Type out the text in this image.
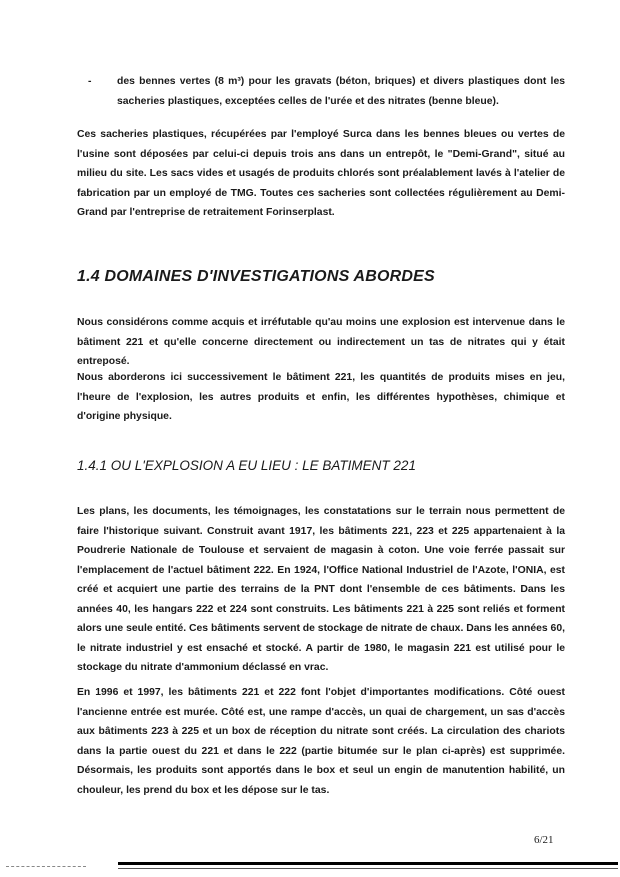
- des bennes vertes (8 m³) pour les gravats (béton, briques) et divers plastiques dont les sacheries plastiques, exceptées celles de l'urée et des nitrates (benne bleue).

Ces sacheries plastiques, récupérées par l'employé Surca dans les bennes bleues ou vertes de l'usine sont déposées par celui-ci depuis trois ans dans un entrepôt, le "Demi-Grand", situé au milieu du site. Les sacs vides et usagés de produits chlorés sont préalablement lavés à l'atelier de fabrication par un employé de TMG. Toutes ces sacheries sont collectées régulièrement au Demi-Grand par l'entreprise de retraitement Forinserplast.

1.4 DOMAINES D'INVESTIGATIONS ABORDES

Nous considérons comme acquis et irréfutable qu'au moins une explosion est intervenue dans le bâtiment 221 et qu'elle concerne directement ou indirectement un tas de nitrates qui y était entreposé.

Nous aborderons ici successivement le bâtiment 221, les quantités de produits mises en jeu, l'heure de l'explosion, les autres produits et enfin, les différentes hypothèses, chimique et d'origine physique.

1.4.1 OU L'EXPLOSION A EU LIEU : LE BATIMENT 221

Les plans, les documents, les témoignages, les constatations sur le terrain nous permettent de faire l'historique suivant. Construit avant 1917, les bâtiments 221, 223 et 225 appartenaient à la Poudrerie Nationale de Toulouse et servaient de magasin à coton. Une voie ferrée passait sur l'emplacement de l'actuel bâtiment 222. En 1924, l'Office National Industriel de l'Azote, l'ONIA, est créé et acquiert une partie des terrains de la PNT dont l'ensemble de ces bâtiments. Dans les années 40, les hangars 222 et 224 sont construits. Les bâtiments 221 à 225 sont reliés et forment alors une seule entité. Ces bâtiments servent de stockage de nitrate de chaux. Dans les années 60, le nitrate industriel y est ensaché et stocké. A partir de 1980, le magasin 221 est utilisé pour le stockage du nitrate d'ammonium déclassé en vrac.

En 1996 et 1997, les bâtiments 221 et 222 font l'objet d'importantes modifications. Côté ouest l'ancienne entrée est murée. Côté est, une rampe d'accès, un quai de chargement, un sas d'accès aux bâtiments 223 à 225 et un box de réception du nitrate sont créés. La circulation des chariots dans la partie ouest du 221 et dans le 222 (partie bitumée sur le plan ci-après) est supprimée. Désormais, les produits sont apportés dans le box et seul un engin de manutention habilité, un chouleur, les prend du box et les dépose sur le tas.

6/21
